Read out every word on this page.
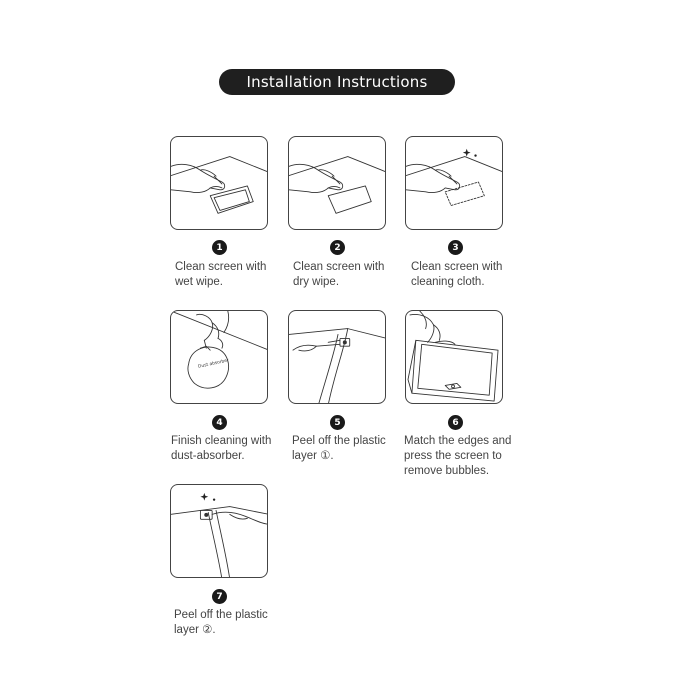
Installation Instructions
1
Clean screen with
wet wipe.
2
Clean screen with
dry wipe.
3
Clean screen with
cleaning cloth.
Dust absorber
4
Finish cleaning with
dust-absorber.
5
Peel off the plastic
layer ①.
6
Match the edges and
press the screen to
remove bubbles.
7
Peel off the plastic
layer ②.
